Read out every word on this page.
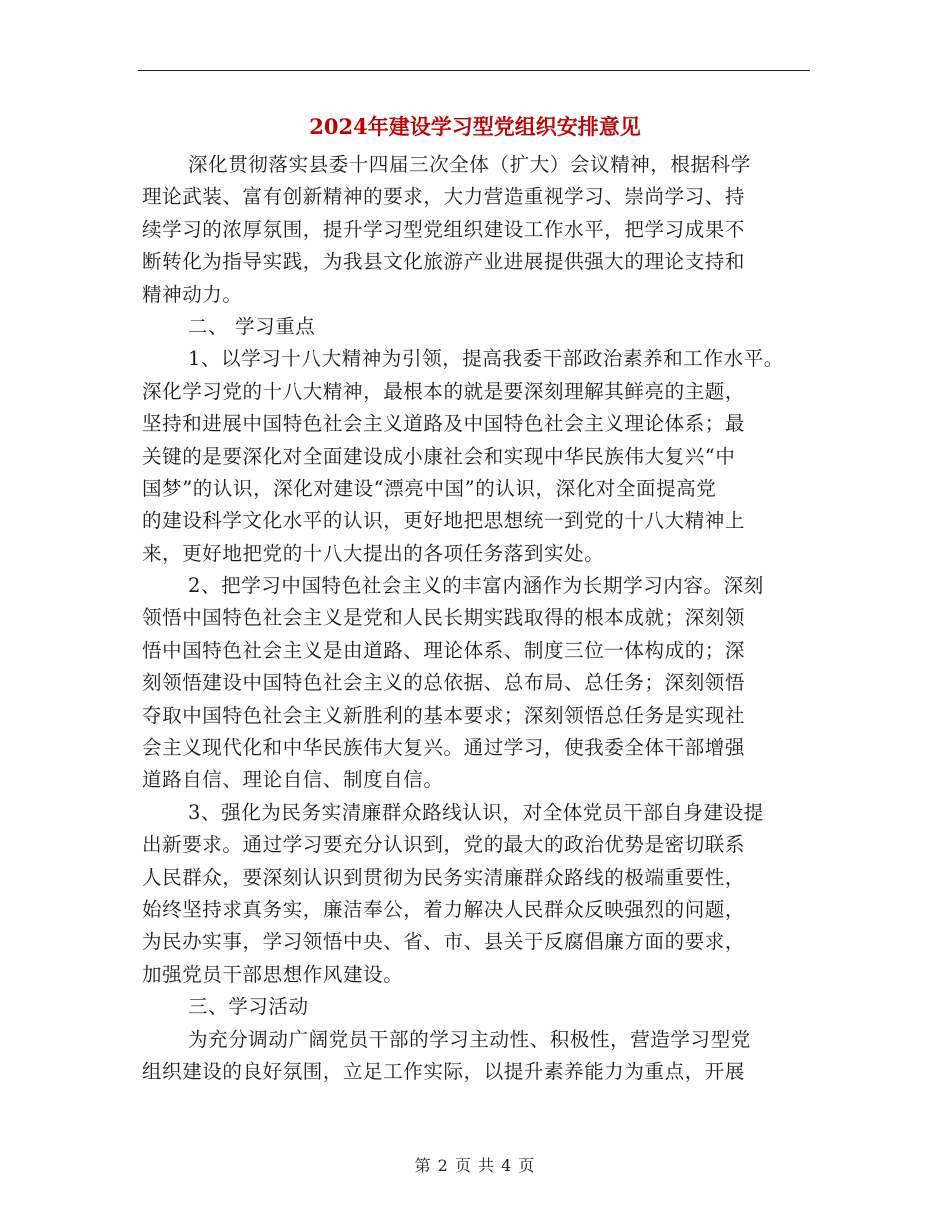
2024年建设学习型党组织安排意见
深化贯彻落实县委十四届三次全体（扩大）会议精神，根据科学
理论武装、富有创新精神的要求，大力营造重视学习、崇尚学习、持
续学习的浓厚氛围，提升学习型党组织建设工作水平，把学习成果不
断转化为指导实践，为我县文化旅游产业进展提供强大的理论支持和
精神动力。
二、 学习重点
1、以学习十八大精神为引领，提高我委干部政治素养和工作水平。
深化学习党的十八大精神，最根本的就是要深刻理解其鲜亮的主题，
坚持和进展中国特色社会主义道路及中国特色社会主义理论体系；最
关键的是要深化对全面建设成小康社会和实现中华民族伟大复兴“中
国梦”的认识，深化对建设“漂亮中国”的认识，深化对全面提高党
的建设科学文化水平的认识，更好地把思想统一到党的十八大精神上
来，更好地把党的十八大提出的各项任务落到实处。
2、把学习中国特色社会主义的丰富内涵作为长期学习内容。深刻
领悟中国特色社会主义是党和人民长期实践取得的根本成就；深刻领
悟中国特色社会主义是由道路、理论体系、制度三位一体构成的；深
刻领悟建设中国特色社会主义的总依据、总布局、总任务；深刻领悟
夺取中国特色社会主义新胜利的基本要求；深刻领悟总任务是实现社
会主义现代化和中华民族伟大复兴。通过学习，使我委全体干部增强
道路自信、理论自信、制度自信。
3、强化为民务实清廉群众路线认识，对全体党员干部自身建设提
出新要求。通过学习要充分认识到，党的最大的政治优势是密切联系
人民群众，要深刻认识到贯彻为民务实清廉群众路线的极端重要性，
始终坚持求真务实，廉洁奉公，着力解决人民群众反映强烈的问题，
为民办实事，学习领悟中央、省、市、县关于反腐倡廉方面的要求，
加强党员干部思想作风建设。
三、学习活动
为充分调动广阔党员干部的学习主动性、积极性，营造学习型党
组织建设的良好氛围，立足工作实际，以提升素养能力为重点，开展
第 2 页 共 4 页
